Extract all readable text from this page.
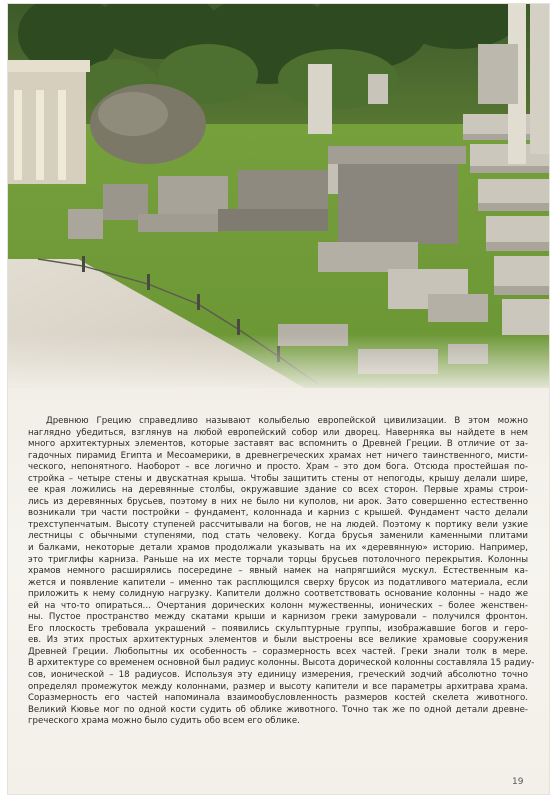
Древнюю Грецию справедливо называют колыбелью европейской цивилизации. В этом можно
наглядно убедиться, взглянув на любой европейский собор или дворец. Наверняка вы найдете в нем
много архитектурных элементов, которые заставят вас вспомнить о Древней Греции. В отличие от за-
гадочных пирамид Египта и Месоамерики, в древнегреческих храмах нет ничего таинственного, мисти-
ческого, непонятного. Наоборот – все логично и просто. Храм – это дом бога. Отсюда простейшая по-
стройка – четыре стены и двускатная крыша. Чтобы защитить стены от непогоды, крышу делали шире,
ее края ложились на деревянные столбы, окружавшие здание со всех сторон. Первые храмы строи-
лись из деревянных брусьев, поэтому в них не было ни куполов, ни арок. Зато совершенно естественно
возникали три части постройки – фундамент, колоннада и карниз с крышей. Фундамент часто делали
трехступенчатым. Высоту ступеней рассчитывали на богов, не на людей. Поэтому к портику вели узкие
лестницы с обычными ступенями, под стать человеку. Когда брусья заменили каменными плитами
и балками, некоторые детали храмов продолжали указывать на их «деревянную» историю. Например,
это триглифы карниза. Раньше на их месте торчали торцы брусьев потолочного перекрытия. Колонны
храмов немного расширялись посередине – явный намек на напрягшийся мускул. Естественным ка-
жется и появление капители – именно так расплющился сверху брусок из податливого материала, если
приложить к нему солидную нагрузку. Капители должно соответствовать основание колонны – надо же
ей на что-то опираться… Очертания дорических колонн мужественны, ионических – более женствен-
ны. Пустое пространство между скатами крыши и карнизом греки замуровали – получился фронтон.
Его плоскость требовала украшений – появились скульптурные группы, изображавшие богов и геро-
ев. Из этих простых архитектурных элементов и были выстроены все великие храмовые сооружения
Древней Греции. Любопытны их особенность – соразмерность всех частей. Греки знали толк в мере.
В архитектуре со временем основной был радиус колонны. Высота дорической колонны составляла 15 радиу-
сов, ионической – 18 радиусов. Используя эту единицу измерения, греческий зодчий абсолютно точно
определял промежуток между колоннами, размер и высоту капители и все параметры архитрава храма.
Соразмерность его частей напоминала взаимообусловленность размеров костей скелета животного.
Великий Кювье мог по одной кости судить об облике животного. Точно так же по одной детали древне-
греческого храма можно было судить обо всем его облике.

19
